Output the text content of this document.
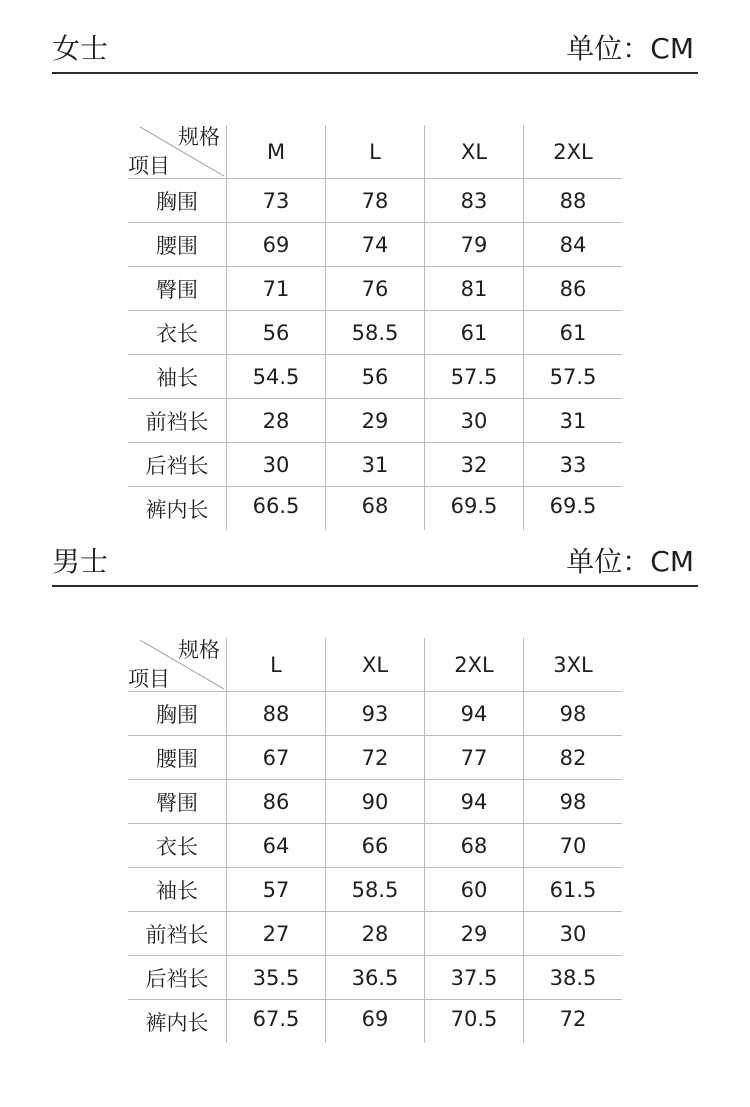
女士	单位：CM
规格
项目	M	L	XL	2XL
胸围	73	78	83	88
腰围	69	74	79	84
臀围	71	76	81	86
衣长	56	58.5	61	61
袖长	54.5	56	57.5	57.5
前裆长	28	29	30	31
后裆长	30	31	32	33
裤内长	66.5	68	69.5	69.5
男士	单位：CM
规格
项目	L	XL	2XL	3XL
胸围	88	93	94	98
腰围	67	72	77	82
臀围	86	90	94	98
衣长	64	66	68	70
袖长	57	58.5	60	61.5
前裆长	27	28	29	30
后裆长	35.5	36.5	37.5	38.5
裤内长	67.5	69	70.5	72
